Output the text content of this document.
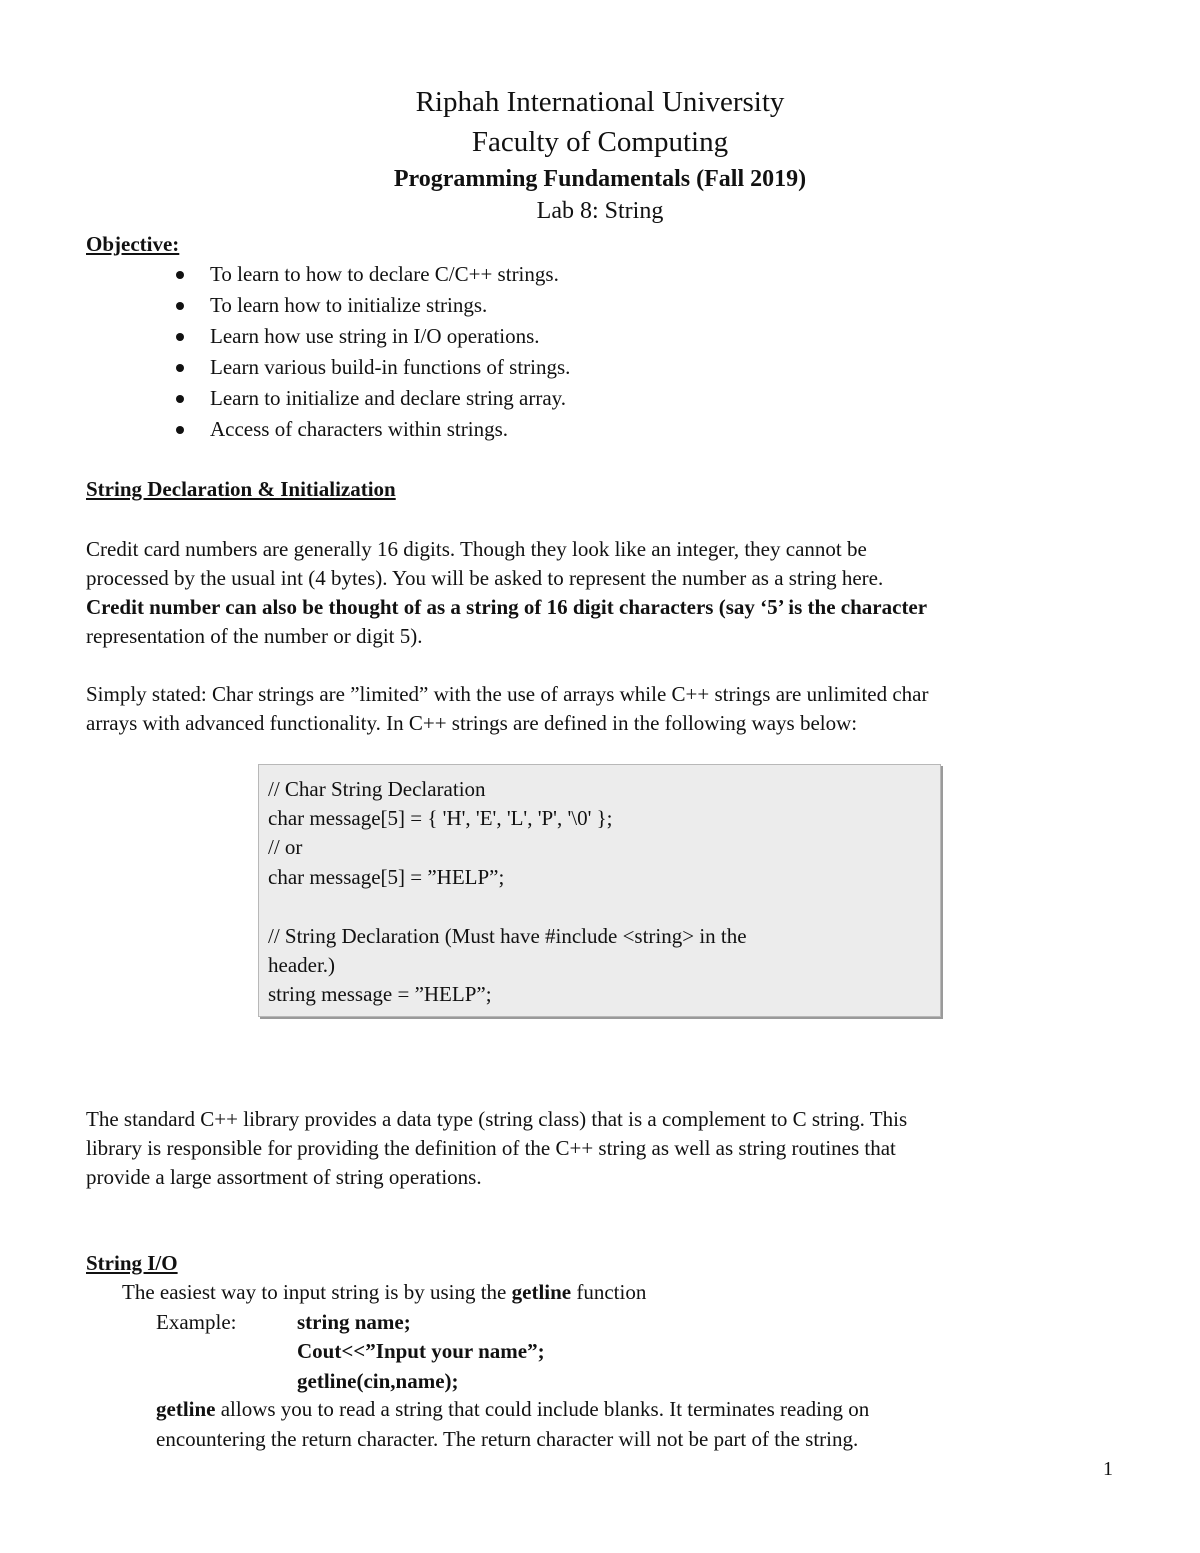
Riphah International University
Faculty of Computing
Programming Fundamentals (Fall 2019)
Lab 8: String
Objective:
To learn to how to declare C/C++ strings.
To learn how to initialize strings.
Learn how use string in I/O operations.
Learn various build-in functions of strings.
Learn to initialize and declare string array.
Access of characters within strings.
String Declaration & Initialization

Credit card numbers are generally 16 digits. Though they look like an integer, they cannot be
processed by the usual int (4 bytes). You will be asked to represent the number as a string here.
Credit number can also be thought of as a string of 16 digit characters (say ‘5’ is the character
representation of the number or digit 5).

Simply stated: Char strings are ”limited” with the use of arrays while C++ strings are unlimited char
arrays with advanced functionality. In C++ strings are defined in the following ways below:

// Char String Declaration
char message[5] = { 'H', 'E', 'L', 'P', '\0' };
// or
char message[5] = ”HELP”;
// String Declaration (Must have #include <string> in the
header.)
string message = ”HELP”;

The standard C++ library provides a data type (string class) that is a complement to C string. This
library is responsible for providing the definition of the C++ string as well as string routines that
provide a large assortment of string operations.

String I/O

The easiest way to input string is by using the getline function

Example:	string name;
Cout<<”Input your name”;
getline(cin,name);

getline allows you to read a string that could include blanks. It terminates reading on

encountering the return character. The return character will not be part of the string.

1
